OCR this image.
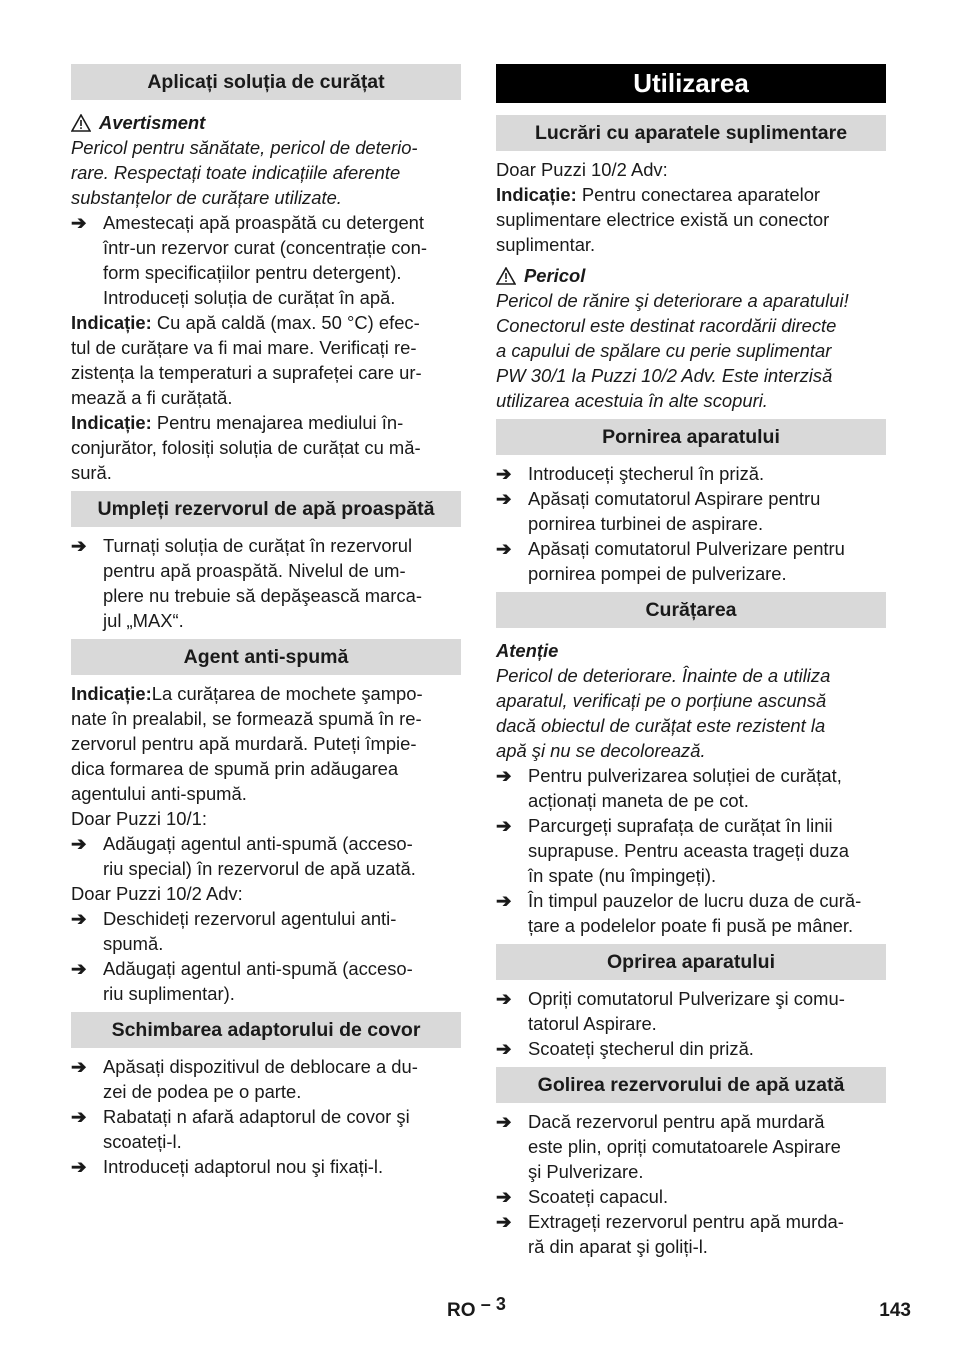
Aplicați soluția de curățat
Avertisment

Pericol pentru sănătate, pericol de deterio-
rare. Respectați toate indicațiile aferente
substanțelor de curățare utilizate.

➔ Amestecați apă proaspătă cu detergent
într-un rezervor curat (concentrație con-
form specificațiilor pentru detergent).
Introduceți soluția de curățat în apă.

Indicație: Cu apă caldă (max. 50 °C) efec-
tul de curățare va fi mai mare. Verificați re-
zistența la temperaturi a suprafeței care ur-
mează a fi curățată.

Indicație: Pentru menajarea mediului în-
conjurător, folosiți soluția de curățat cu mă-
sură.

Umpleți rezervorul de apă proaspătă
➔ Turnați soluția de curățat în rezervorul
pentru apă proaspătă. Nivelul de um-
plere nu trebuie să depăşească marca-
jul „MAX“.
Agent anti-spumă

Indicație:La curățarea de mochete şampo-
nate în prealabil, se formează spumă în re-
zervorul pentru apă murdară. Puteți împie-
dica formarea de spumă prin adăugarea
agentului anti-spumă.

Doar Puzzi 10/1:

➔ Adăugați agentul anti-spumă (acceso-
riu special) în rezervorul de apă uzată.

Doar Puzzi 10/2 Adv:

➔ Deschideți rezervorul agentului anti-
spumă.
➔ Adăugați agentul anti-spumă (acceso-
riu suplimentar).
Schimbarea adaptorului de covor
➔ Apăsați dispozitivul de deblocare a du-
zei de podea pe o parte.
➔ Rabatați n afară adaptorul de covor şi
scoateți-l.
➔ Introduceți adaptorul nou şi fixați-l.
Utilizarea
Lucrări cu aparatele suplimentare

Doar Puzzi 10/2 Adv:

Indicație: Pentru conectarea aparatelor
suplimentare electrice există un conector
suplimentar.

Pericol

Pericol de rănire şi deteriorare a aparatului!
Conectorul este destinat racordării directe
a capului de spălare cu perie suplimentar
PW 30/1 la Puzzi 10/2 Adv. Este interzisă
utilizarea acestuia în alte scopuri.

Pornirea aparatului
➔ Introduceți ştecherul în priză.
➔ Apăsați comutatorul Aspirare pentru
pornirea turbinei de aspirare.
➔ Apăsați comutatorul Pulverizare pentru
pornirea pompei de pulverizare.
Curățarea

Atenție

Pericol de deteriorare. Înainte de a utiliza
aparatul, verificați pe o porțiune ascunsă
dacă obiectul de curățat este rezistent la
apă şi nu se decolorează.

➔ Pentru pulverizarea soluției de curățat,
acționați maneta de pe cot.
➔ Parcurgeți suprafața de curățat în linii
suprapuse. Pentru aceasta trageți duza
în spate (nu împingeți).
➔ În timpul pauzelor de lucru duza de cură-
țare a podelelor poate fi pusă pe mâner.
Oprirea aparatului
➔ Opriți comutatorul Pulverizare şi comu-
tatorul Aspirare.
➔ Scoateți ştecherul din priză.
Golirea rezervorului de apă uzată
➔ Dacă rezervorul pentru apă murdară
este plin, opriți comutatoarele Aspirare
şi Pulverizare.
➔ Scoateți capacul.
➔ Extrageți rezervorul pentru apă murda-
ră din aparat şi goliți-l.
RO – 3	143
